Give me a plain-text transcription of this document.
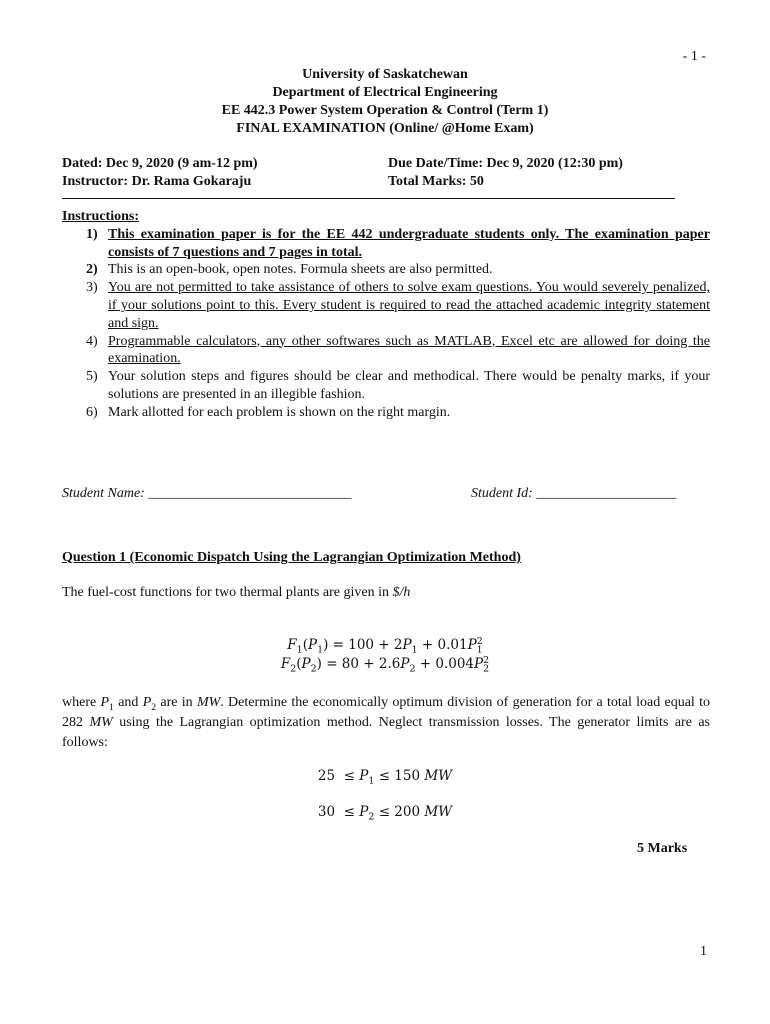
- 1 -
University of Saskatchewan
Department of Electrical Engineering
EE 442.3 Power System Operation & Control (Term 1)
FINAL EXAMINATION (Online/ @Home Exam)
Dated: Dec 9, 2020 (9 am-12 pm)
Instructor: Dr. Rama Gokaraju
Due Date/Time: Dec 9, 2020 (12:30 pm)
Total Marks: 50
Instructions:
1) This examination paper is for the EE 442 undergraduate students only. The examination paper consists of 7 questions and 7 pages in total.
2) This is an open-book, open notes. Formula sheets are also permitted.
3) You are not permitted to take assistance of others to solve exam questions. You would severely penalized, if your solutions point to this. Every student is required to read the attached academic integrity statement and sign.
4) Programmable calculators, any other softwares such as MATLAB, Excel etc are allowed for doing the examination.
5) Your solution steps and figures should be clear and methodical. There would be penalty marks, if your solutions are presented in an illegible fashion.
6) Mark allotted for each problem is shown on the right margin.
Student Name: _____________________________	Student Id: ____________________
Question 1 (Economic Dispatch Using the Lagrangian Optimization Method)
The fuel-cost functions for two thermal plants are given in $/h
$F_1(P_1) = 100 + 2P_1 + 0.01P_1^2$
$F_2(P_2) = 80 + 2.6P_2 + 0.004P_2^2$
where $P_1$ and $P_2$ are in MW. Determine the economically optimum division of generation for a total load equal to 282 MW using the Lagrangian optimization method. Neglect transmission losses. The generator limits are as follows:
$25 \le P_1 \le 150$ MW
$30 \le P_2 \le 200$ MW
5 Marks
1
